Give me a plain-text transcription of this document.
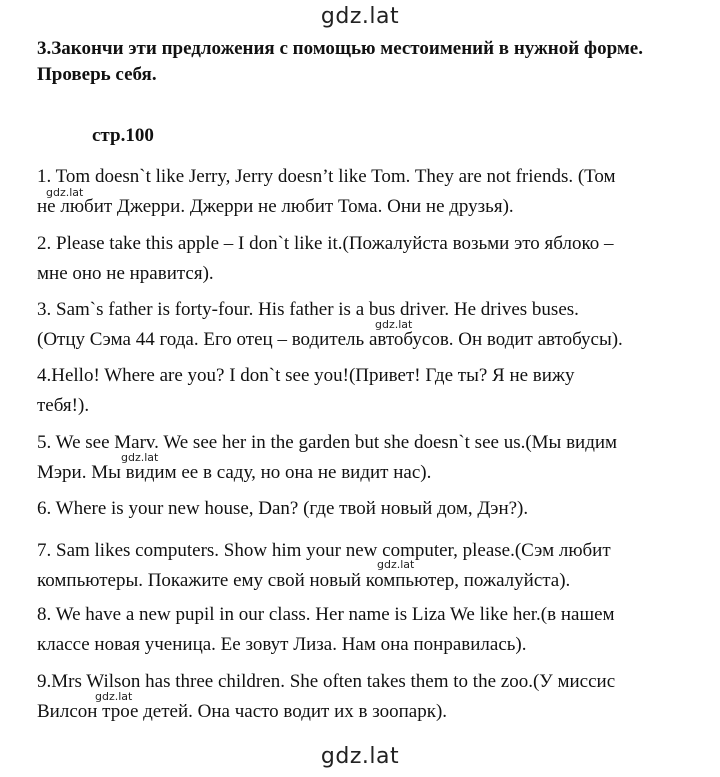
gdz.lat
3.Закончи эти предложения с помощью местоимений в нужной форме. Проверь себя.
стр.100
1. Tom doesn`t like Jerry, Jerry doesn’t like Tom. They are not friends. (Том
не любит Джерри. Джерри не любит Тома. Они не друзья).
2. Please take this apple – I don`t like it.(Пожалуйста возьми это яблоко –
мне оно не нравится).
3. Sam`s father is forty-four. His father is a bus driver. He drives buses.
(Отцу Сэма 44 года. Его отец – водитель автобусов. Он водит автобусы).
4.Hello! Where are you? I don`t see you!(Привет! Где ты? Я не вижу
тебя!).
5. We see Marv. We see her in the garden but she doesn`t see us.(Мы видим
Мэри. Мы видим ее в саду, но она не видит нас).
6. Where is your new house, Dan? (где твой новый дом, Дэн?).
7. Sam likes computers. Show him your new computer, please.(Сэм любит
компьютеры. Покажите ему свой новый компьютер, пожалуйста).
8. We have a new pupil in our class. Her name is Liza We like her.(в нашем
классе новая ученица. Ее зовут Лиза. Нам она понравилась).
9.Mrs Wilson has three children. She often takes them to the zoo.(У миссис
Вилсон трое детей. Она часто водит их в зоопарк).
gdz.lat
gdz.lat
gdz.lat
gdz.lat
gdz.lat
gdz.lat
